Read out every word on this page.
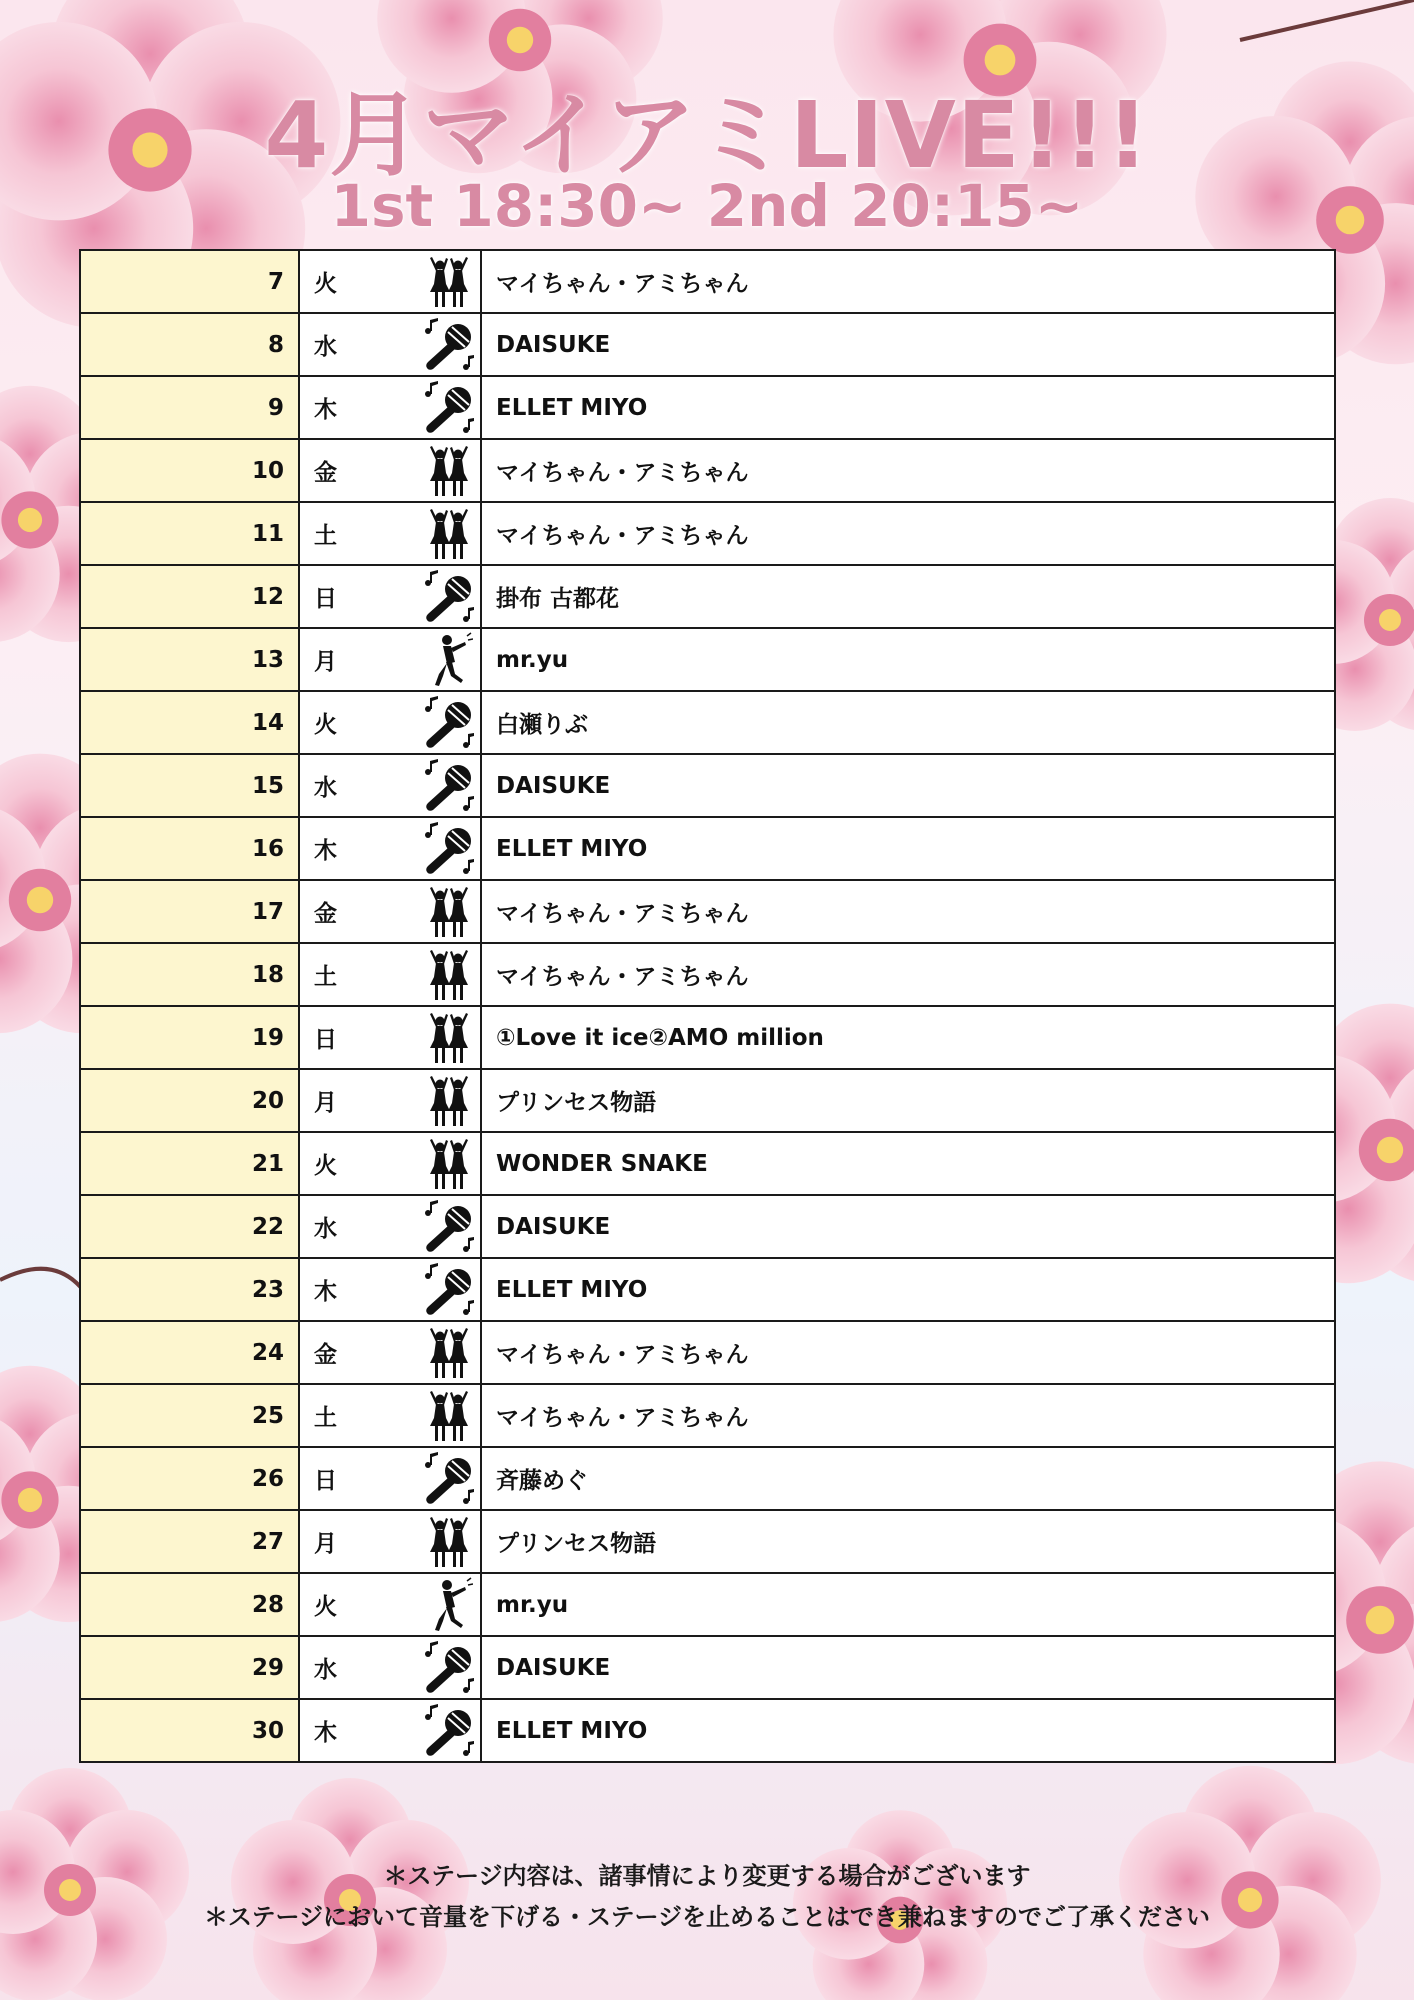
4月マイアミLIVE!!!
1st 18:30~ 2nd 20:15~
7	火		マイちゃん・アミちゃん
8	水		DAISUKE
9	木		ELLET MIYO
10	金		マイちゃん・アミちゃん
11	土		マイちゃん・アミちゃん
12	日		掛布 古都花
13	月		mr.yu
14	火		白瀬りぶ
15	水		DAISUKE
16	木		ELLET MIYO
17	金		マイちゃん・アミちゃん
18	土		マイちゃん・アミちゃん
19	日		①Love it ice②AMO million
20	月		プリンセス物語
21	火		WONDER SNAKE
22	水		DAISUKE
23	木		ELLET MIYO
24	金		マイちゃん・アミちゃん
25	土		マイちゃん・アミちゃん
26	日		斉藤めぐ
27	月		プリンセス物語
28	火		mr.yu
29	水		DAISUKE
30	木		ELLET MIYO
＊ステージ内容は、諸事情により変更する場合がございます
＊ステージにおいて音量を下げる・ステージを止めることはでき兼ねますのでご了承ください
